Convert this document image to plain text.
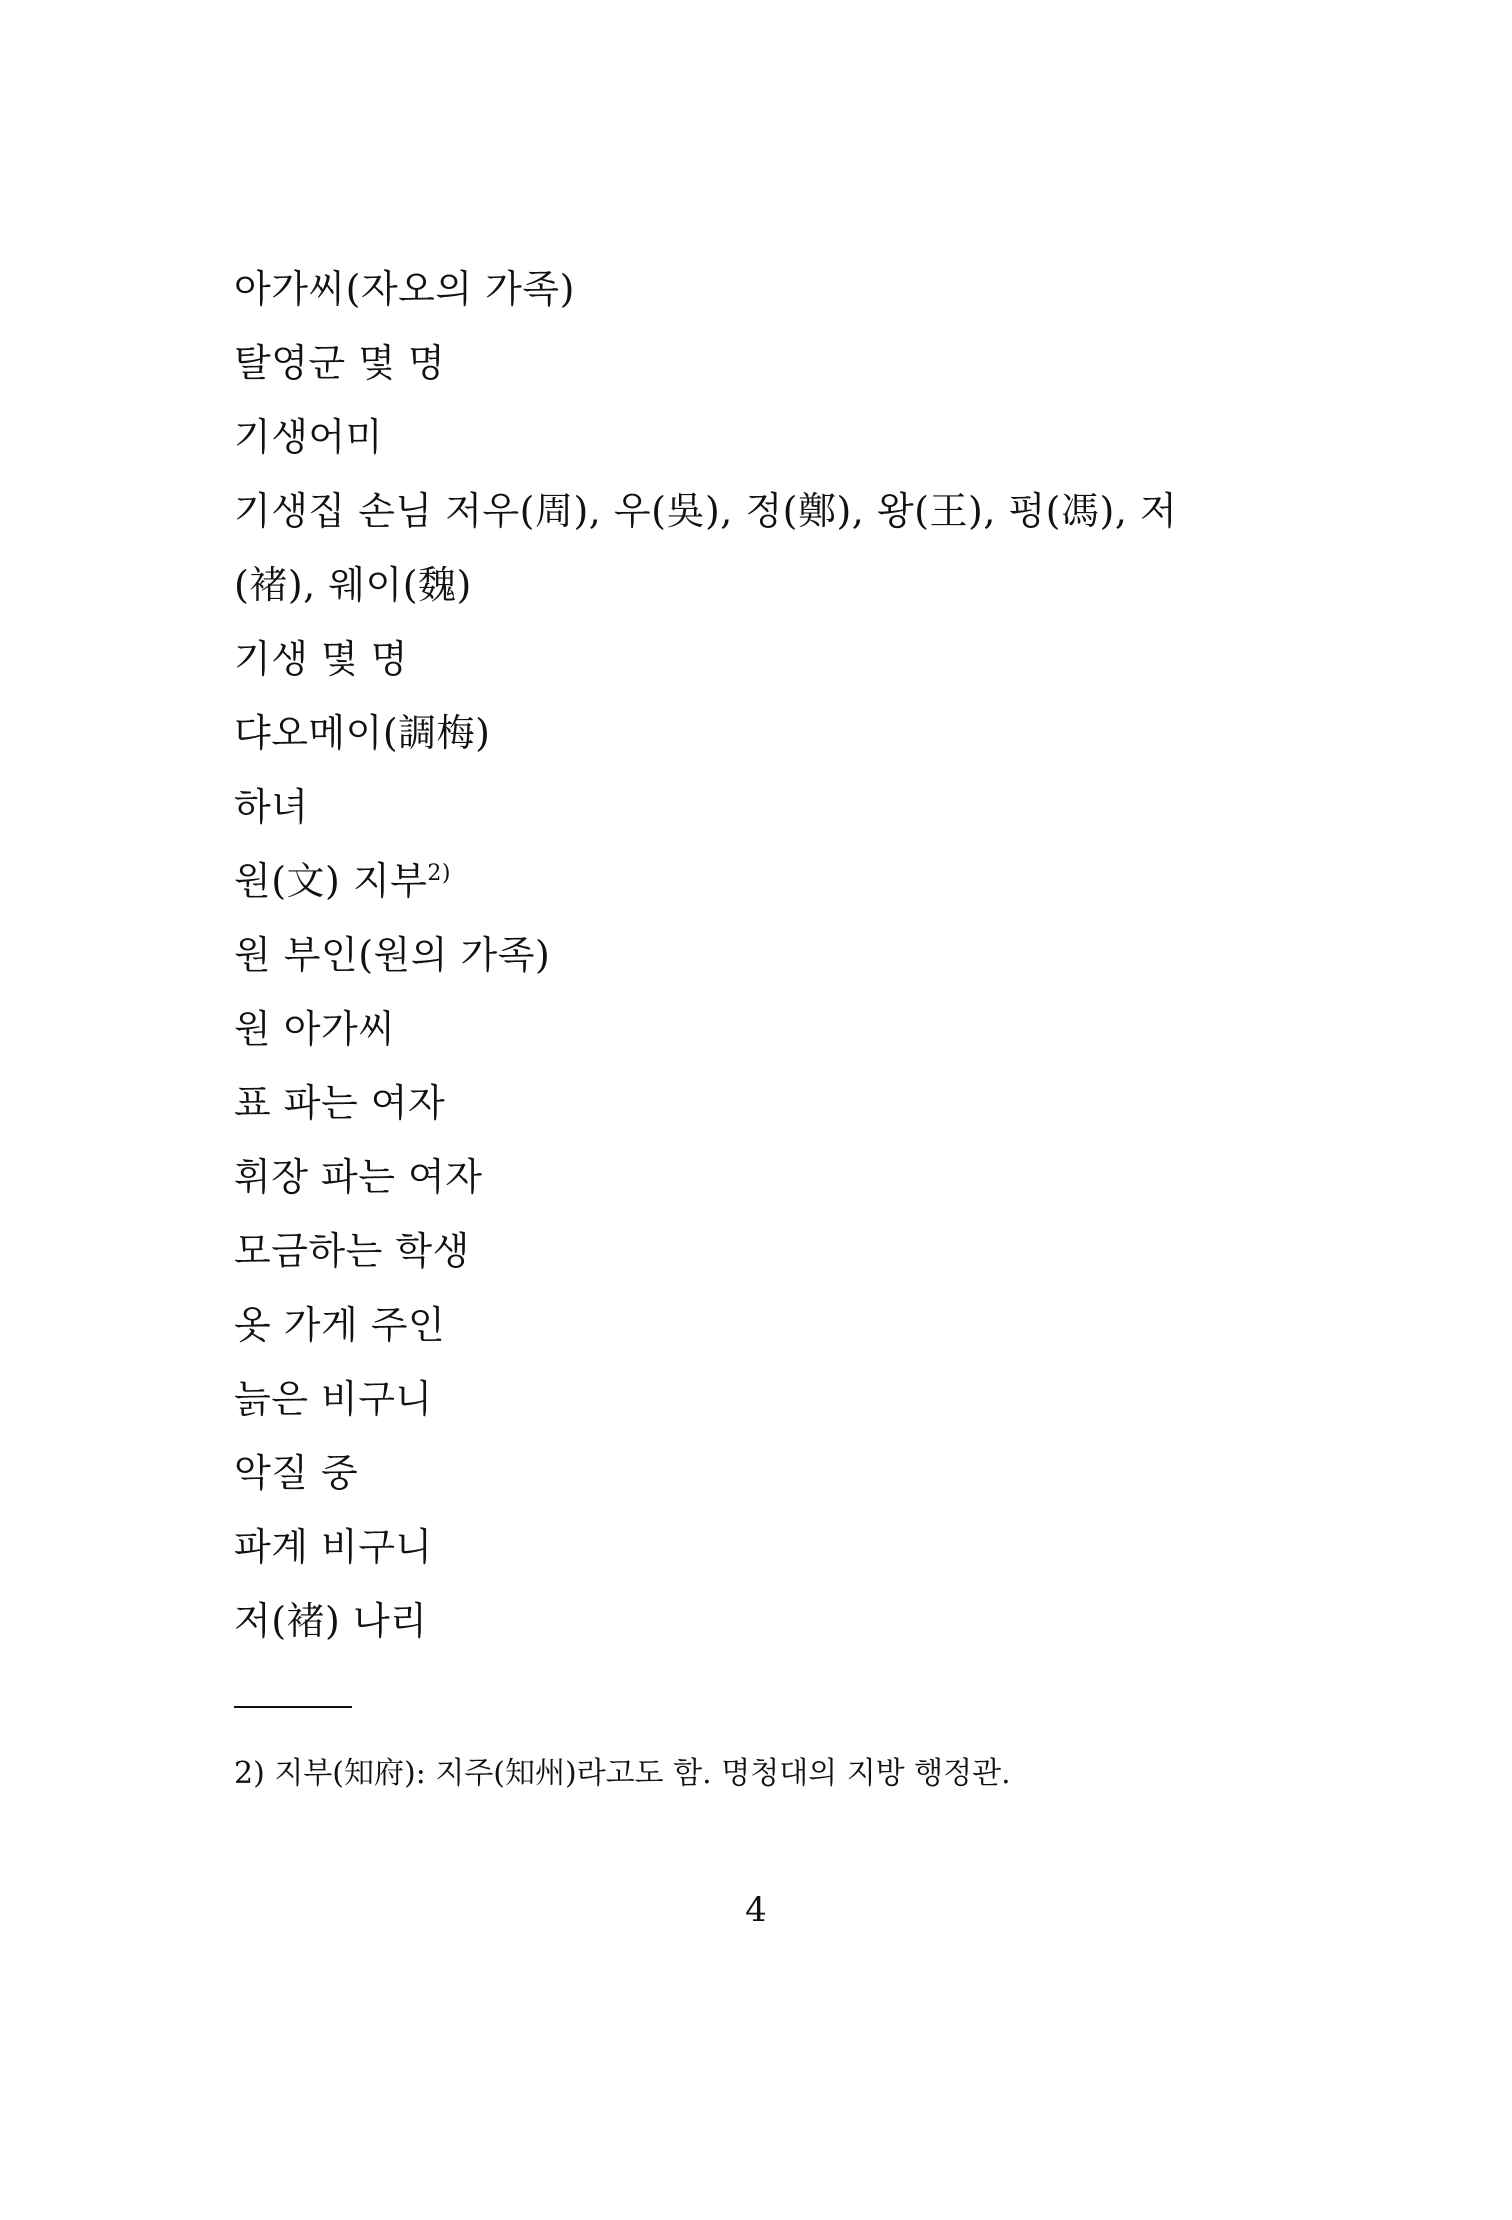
아가씨(자오의 가족)
탈영군 몇 명
기생어미
기생집 손님 저우(周), 우(吳), 정(鄭), 왕(王), 펑(馮), 저
(褚), 웨이(魏)
기생 몇 명
댜오메이(調梅)
하녀
원(文) 지부$^{2)}$
원 부인(원의 가족)
원 아가씨
표 파는 여자
휘장 파는 여자
모금하는 학생
옷 가게 주인
늙은 비구니
악질 중
파계 비구니
저(褚) 나리
2) 지부(知府): 지주(知州)라고도 함. 명청대의 지방 행정관.
4
